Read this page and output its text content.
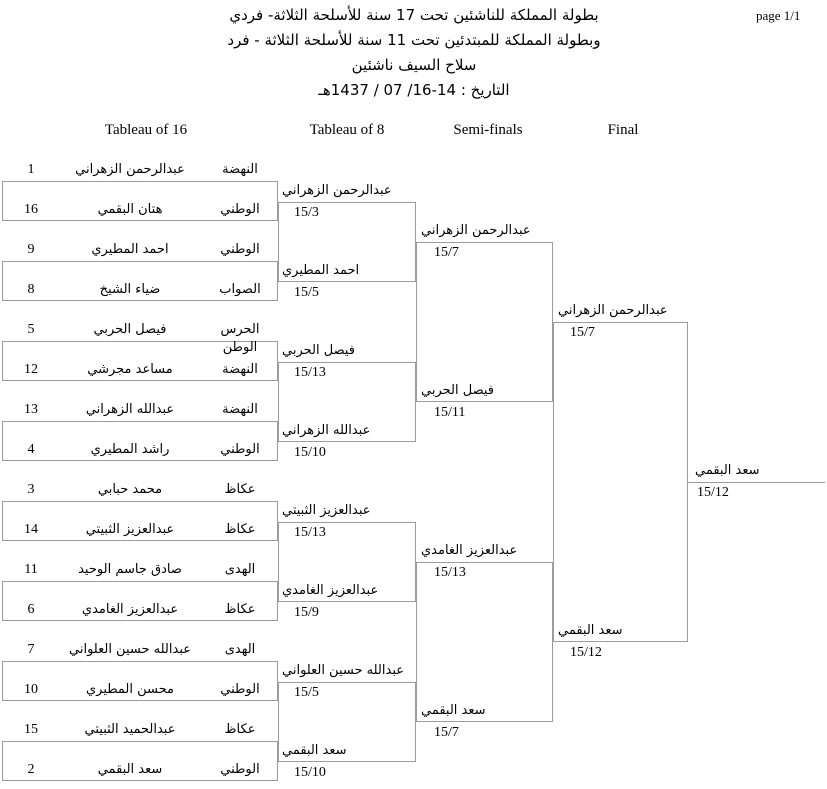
page 1/1
بطولة المملكة للناشئين تحت 17 سنة للأسلحة الثلاثة- فردي
وبطولة المملكة للمبتدئين تحت 11 سنة للأسلحة الثلاثة - فرد
سلاح السيف ناشئين
التاريخ : 14-16/ 07 / 1437هـ
Tableau of 16	Tableau of 8	Semi-finals	Final
1	عبدالرحمن الزهراني	النهضة
16	هتان البقمي	الوطني
9	احمد المطيري	الوطني
8	ضياء الشيخ	الصواب
5	فيصل الحربي	الحرس الوطن
12	مساعد مجرشي	النهضة
13	عبدالله الزهراني	النهضة
4	راشد المطيري	الوطني
3	محمد حبابي	عكاظ
14	عبدالعزيز الثبيتي	عكاظ
11	صادق جاسم الوحيد	الهدى
6	عبدالعزيز الغامدي	عكاظ
7	عبدالله حسين العلواني	الهدى
10	محسن المطيري	الوطني
15	عبدالحميد الثبيتي	عكاظ
2	سعد البقمي	الوطني
عبدالرحمن الزهراني
15/3
احمد المطيري
15/5
فيصل الحربي
15/13
عبدالله الزهراني
15/10
عبدالعزيز الثبيتي
15/13
عبدالعزيز الغامدي
15/9
عبدالله حسين العلواني
15/5
سعد البقمي
15/10
عبدالرحمن الزهراني
15/7
فيصل الحربي
15/11
عبدالعزيز الغامدي
15/13
سعد البقمي
15/7
عبدالرحمن الزهراني
15/7
سعد البقمي
15/12
سعد البقمي
15/12
